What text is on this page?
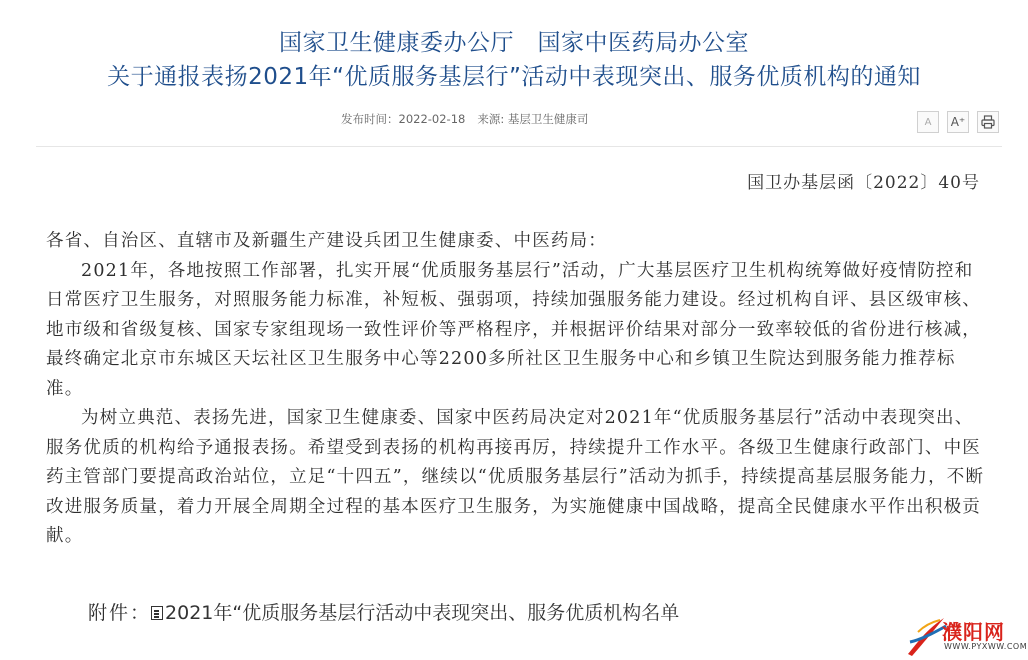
国家卫生健康委办公厅　国家中医药局办公室
关于通报表扬2021年“优质服务基层行”活动中表现突出、服务优质机构的通知
发布时间：2022-02-18 来源: 基层卫生健康司	A	A⁺
国卫办基层函〔2022〕40号

各省、自治区、直辖市及新疆生产建设兵团卫生健康委、中医药局：

2021年，各地按照工作部署，扎实开展“优质服务基层行”活动，广大基层医疗卫生机构统筹做好疫情防控和日常医疗卫生服务，对照服务能力标准，补短板、强弱项，持续加强服务能力建设。经过机构自评、县区级审核、地市级和省级复核、国家专家组现场一致性评价等严格程序，并根据评价结果对部分一致率较低的省份进行核减，最终确定北京市东城区天坛社区卫生服务中心等2200多所社区卫生服务中心和乡镇卫生院达到服务能力推荐标准。

为树立典范、表扬先进，国家卫生健康委、国家中医药局决定对2021年“优质服务基层行”活动中表现突出、服务优质的机构给予通报表扬。希望受到表扬的机构再接再厉，持续提升工作水平。各级卫生健康行政部门、中医药主管部门要提高政治站位，立足“十四五”，继续以“优质服务基层行”活动为抓手，持续提高基层服务能力，不断改进服务质量，着力开展全周期全过程的基本医疗卫生服务，为实施健康中国战略，提高全民健康水平作出积极贡献。

附件： 2021年“优质服务基层行活动中表现突出、服务优质机构名单
濮阳网
WWW.PYXWW.COM
